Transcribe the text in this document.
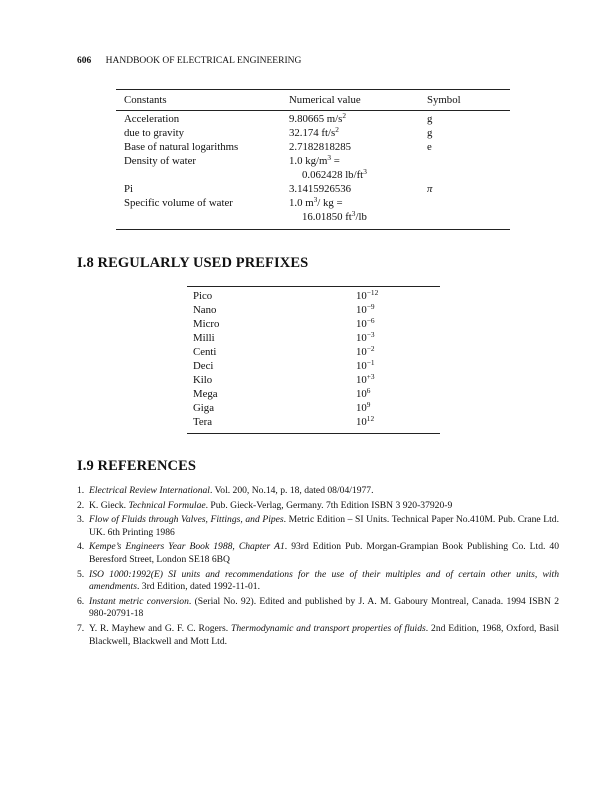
606 HANDBOOK OF ELECTRICAL ENGINEERING
Constants	Numerical value	Symbol
Acceleration	9.80665 $m/s^2$	g
due to gravity	32.174 $ft/s^2$	g
Base of natural logarithms	2.7182818285	e
Density of water	1.0 $kg/m^3$ =
0.062428 $lb/ft^3$
Pi	3.1415926536	π
Specific volume of water	1.0 $m^3/$ kg =
16.01850 $ft^3/lb$
I.8 REGULARLY USED PREFIXES
Pico	$10^{-12}$
Nano	$10^{-9}$
Micro	$10^{-6}$
Milli	$10^{-3}$
Centi	$10^{-2}$
Deci	$10^{-1}$
Kilo	$10^{+3}$
Mega	$10^6$
Giga	$10^9$
Tera	$10^{12}$
I.9 REFERENCES
1. Electrical Review International. Vol. 200, No.14, p. 18, dated 08/04/1977.
2. K. Gieck. Technical Formulae. Pub. Gieck-Verlag, Germany. 7th Edition ISBN 3 920-37920-9
3. Flow of Fluids through Valves, Fittings, and Pipes. Metric Edition – SI Units. Technical Paper No.410M. Pub. Crane Ltd. UK. 6th Printing 1986
4. Kempe’s Engineers Year Book 1988, Chapter A1. 93rd Edition Pub. Morgan-Grampian Book Publishing Co. Ltd. 40 Beresford Street, London SE18 6BQ
5. ISO 1000:1992(E) SI units and recommendations for the use of their multiples and of certain other units, with amendments. 3rd Edition, dated 1992-11-01.
6. Instant metric conversion. (Serial No. 92). Edited and published by J. A. M. Gaboury Montreal, Canada. 1994 ISBN 2 980-20791-18
7. Y. R. Mayhew and G. F. C. Rogers. Thermodynamic and transport properties of fluids. 2nd Edition, 1968, Oxford, Basil Blackwell, Blackwell and Mott Ltd.
